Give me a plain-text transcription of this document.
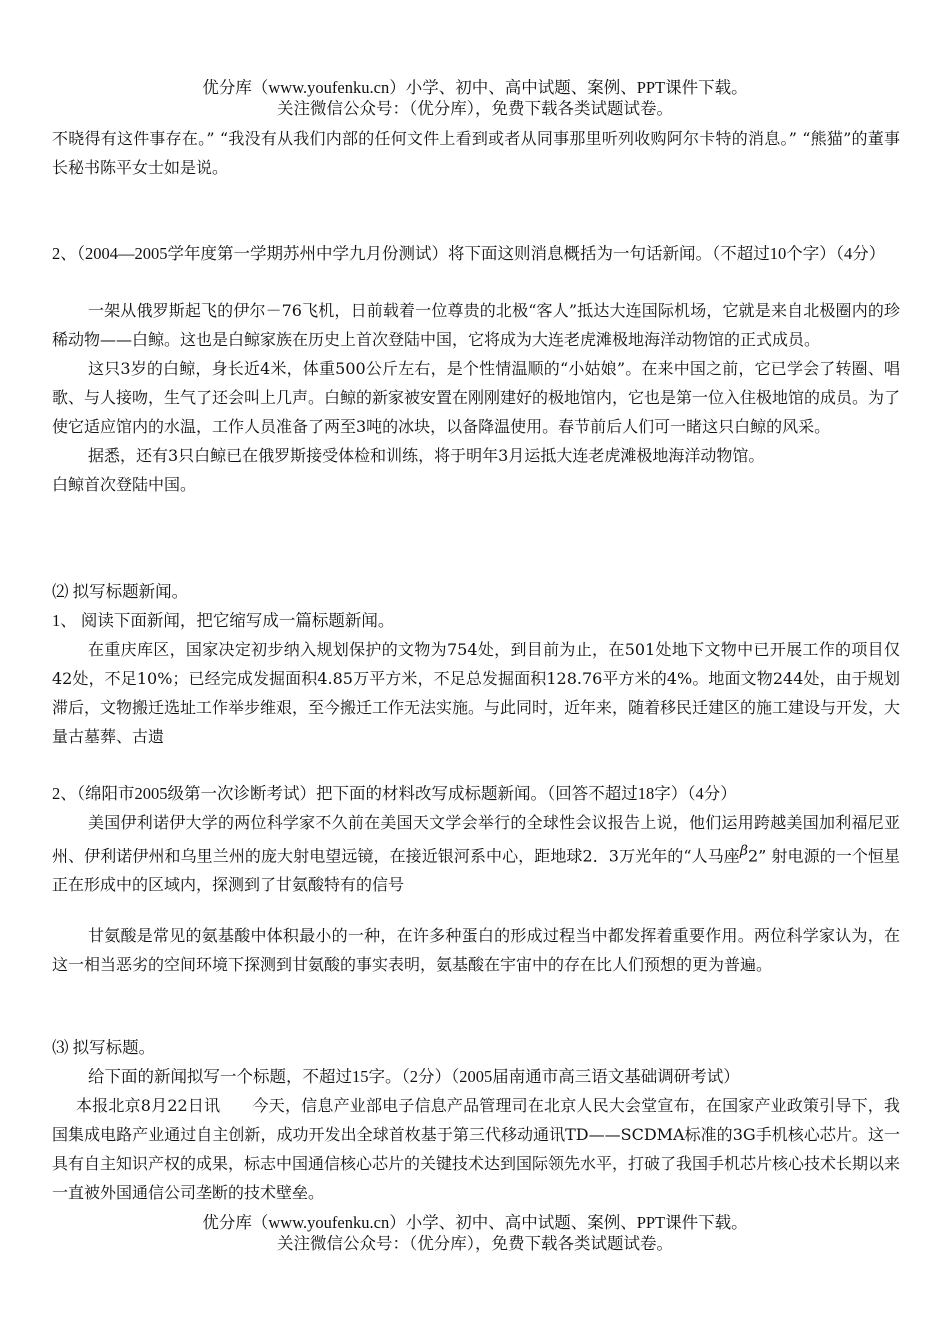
优分库（www.youfenku.cn）小学、初中、高中试题、案例、PPT课件下载。
关注微信公众号：（优分库），免费下载各类试题试卷。

不晓得有这件事存在。” “我没有从我们内部的任何文件上看到或者从同事那里听列收购阿尔卡特的消息。” “熊猫”的董事长秘书陈平女士如是说。

2、（2004—2005学年度第一学期苏州中学九月份测试）将下面这则消息概括为一句话新闻。（不超过10个字）（4分）

一架从俄罗斯起飞的伊尔－76飞机，日前载着一位尊贵的北极“客人”抵达大连国际机场，它就是来自北极圈内的珍稀动物——白鲸。这也是白鲸家族在历史上首次登陆中国，它将成为大连老虎滩极地海洋动物馆的正式成员。

这只3岁的白鲸，身长近4米，体重500公斤左右，是个性情温顺的“小姑娘”。在来中国之前，它已学会了转圈、唱歌、与人接吻，生气了还会叫上几声。白鲸的新家被安置在刚刚建好的极地馆内，它也是第一位入住极地馆的成员。为了使它适应馆内的水温，工作人员准备了两至3吨的冰块，以备降温使用。春节前后人们可一睹这只白鲸的风采。

据悉，还有3只白鲸已在俄罗斯接受体检和训练，将于明年3月运抵大连老虎滩极地海洋动物馆。

白鲸首次登陆中国。

⑵ 拟写标题新闻。
1、 阅读下面新闻，把它缩写成一篇标题新闻。

在重庆库区，国家决定初步纳入规划保护的文物为754处，到目前为止，在501处地下文物中已开展工作的项目仅42处，不足10%；已经完成发掘面积4.85万平方米，不足总发掘面积128.76平方米的4%。地面文物244处，由于规划滞后，文物搬迁选址工作举步维艰，至今搬迁工作无法实施。与此同时，近年来，随着移民迁建区的施工建设与开发，大量古墓葬、古遗

2、（绵阳市2005级第一次诊断考试）把下面的材料改写成标题新闻。（回答不超过18字）（4分）

美国伊利诺伊大学的两位科学家不久前在美国天文学会举行的全球性会议报告上说，他们运用跨越美国加利福尼亚州、伊利诺伊州和乌里兰州的庞大射电望远镜，在接近银河系中心，距地球2．3万光年的“人马座β2” 射电源的一个恒星正在形成中的区域内，探测到了甘氨酸特有的信号

甘氨酸是常见的氨基酸中体积最小的一种，在许多种蛋白的形成过程当中都发挥着重要作用。两位科学家认为，在这一相当恶劣的空间环境下探测到甘氨酸的事实表明，氨基酸在宇宙中的存在比人们预想的更为普遍。

⑶ 拟写标题。
给下面的新闻拟写一个标题，不超过15字。（2分）（2005届南通市高三语文基础调研考试）

本报北京8月22日讯　　今天，信息产业部电子信息产品管理司在北京人民大会堂宣布，在国家产业政策引导下，我国集成电路产业通过自主创新，成功开发出全球首枚基于第三代移动通讯TD——SCDMA标准的3G手机核心芯片。这一具有自主知识产权的成果，标志中国通信核心芯片的关键技术达到国际领先水平，打破了我国手机芯片核心技术长期以来一直被外国通信公司垄断的技术壁垒。

优分库（www.youfenku.cn）小学、初中、高中试题、案例、PPT课件下载。
关注微信公众号：（优分库），免费下载各类试题试卷。
